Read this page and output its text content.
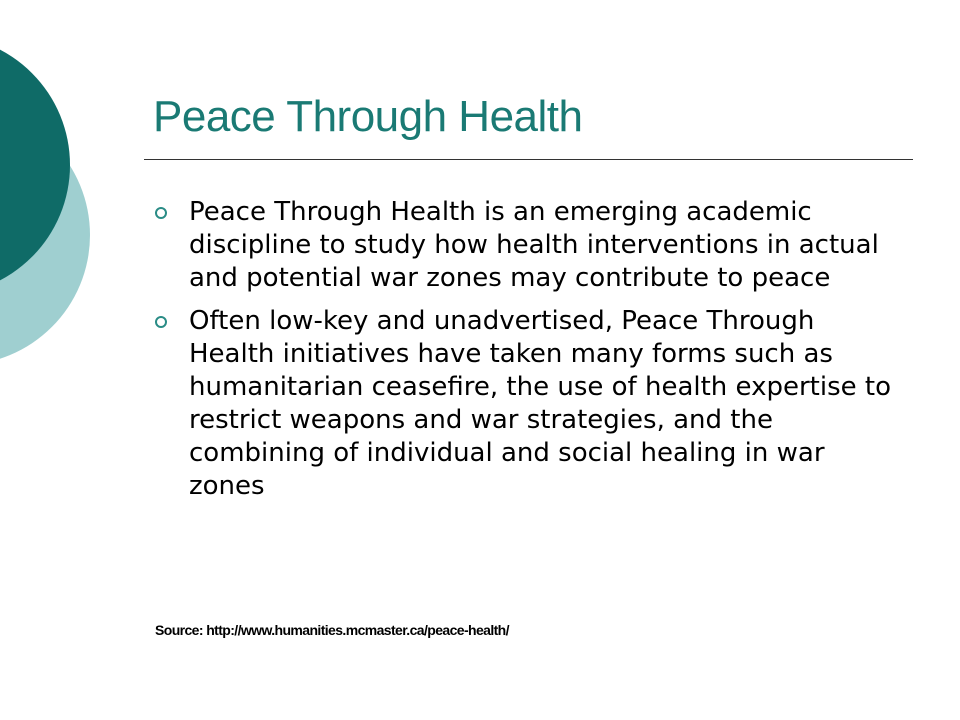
Peace Through Health
Peace Through Health is an emerging academic discipline to study how health interventions in actual and potential war zones may contribute to peace
Often low-key and unadvertised, Peace Through Health initiatives have taken many forms such as humanitarian ceasefire, the use of health expertise to restrict weapons and war strategies, and the combining of individual and social healing in war zones
Source: http://www.humanities.mcmaster.ca/peace-health/
